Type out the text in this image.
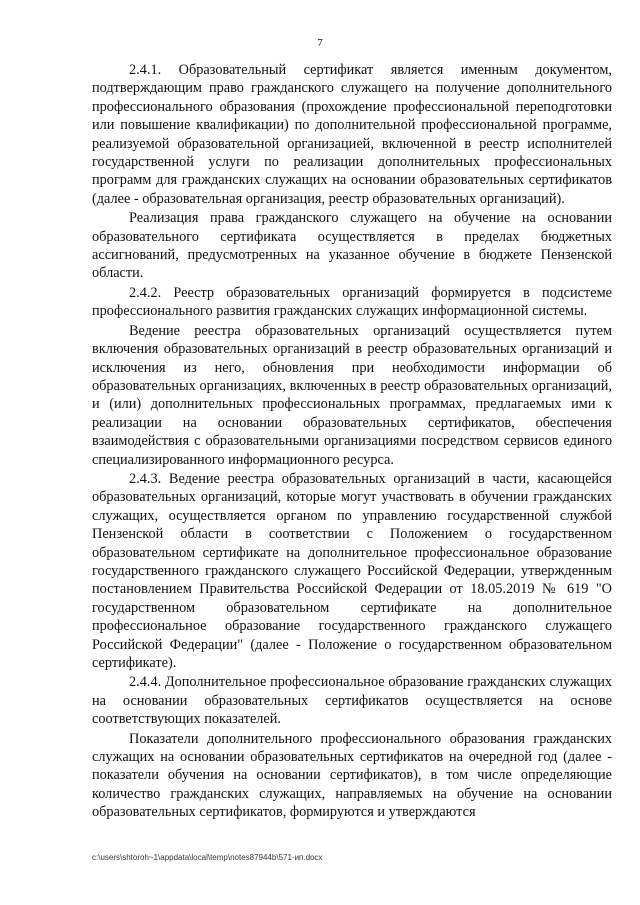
7

2.4.1. Образовательный сертификат является именным документом, подтверждающим право гражданского служащего на получение дополнительного профессионального образования (прохождение профессиональной переподготовки или повышение квалификации) по дополнительной профессиональной программе, реализуемой образовательной организацией, включенной в реестр исполнителей государственной услуги по реализации дополнительных профессиональных программ для гражданских служащих на основании образовательных сертификатов (далее - образовательная организация, реестр образовательных организаций).

Реализация права гражданского служащего на обучение на основании образовательного сертификата осуществляется в пределах бюджетных ассигнований, предусмотренных на указанное обучение в бюджете Пензенской области.

2.4.2. Реестр образовательных организаций формируется в подсистеме профессионального развития гражданских служащих информационной системы.

Ведение реестра образовательных организаций осуществляется путем включения образовательных организаций в реестр образовательных организаций и исключения из него, обновления при необходимости информации об образовательных организациях, включенных в реестр образовательных организаций, и (или) дополнительных профессиональных программах, предлагаемых ими к реализации на основании образовательных сертификатов, обеспечения взаимодействия с образовательными организациями посредством сервисов единого специализированного информационного ресурса.

2.4.3. Ведение реестра образовательных организаций в части, касающейся образовательных организаций, которые могут участвовать в обучении гражданских служащих, осуществляется органом по управлению государственной службой Пензенской области в соответствии с Положением о государственном образовательном сертификате на дополнительное профессиональное образование государственного гражданского служащего Российской Федерации, утвержденным постановлением Правительства Российской Федерации от 18.05.2019 № 619 "О государственном образовательном сертификате на дополнительное профессиональное образование государственного гражданского служащего Российской Федерации" (далее - Положение о государственном образовательном сертификате).

2.4.4. Дополнительное профессиональное образование гражданских служащих на основании образовательных сертификатов осуществляется на основе соответствующих показателей.

Показатели дополнительного профессионального образования гражданских служащих на основании образовательных сертификатов на очередной год (далее - показатели обучения на основании сертификатов), в том числе определяющие количество гражданских служащих, направляемых на обучение на основании образовательных сертификатов, формируются и утверждаются

c:\users\shtoroh~1\appdata\local\temp\notes87944b\571-ип.docx
